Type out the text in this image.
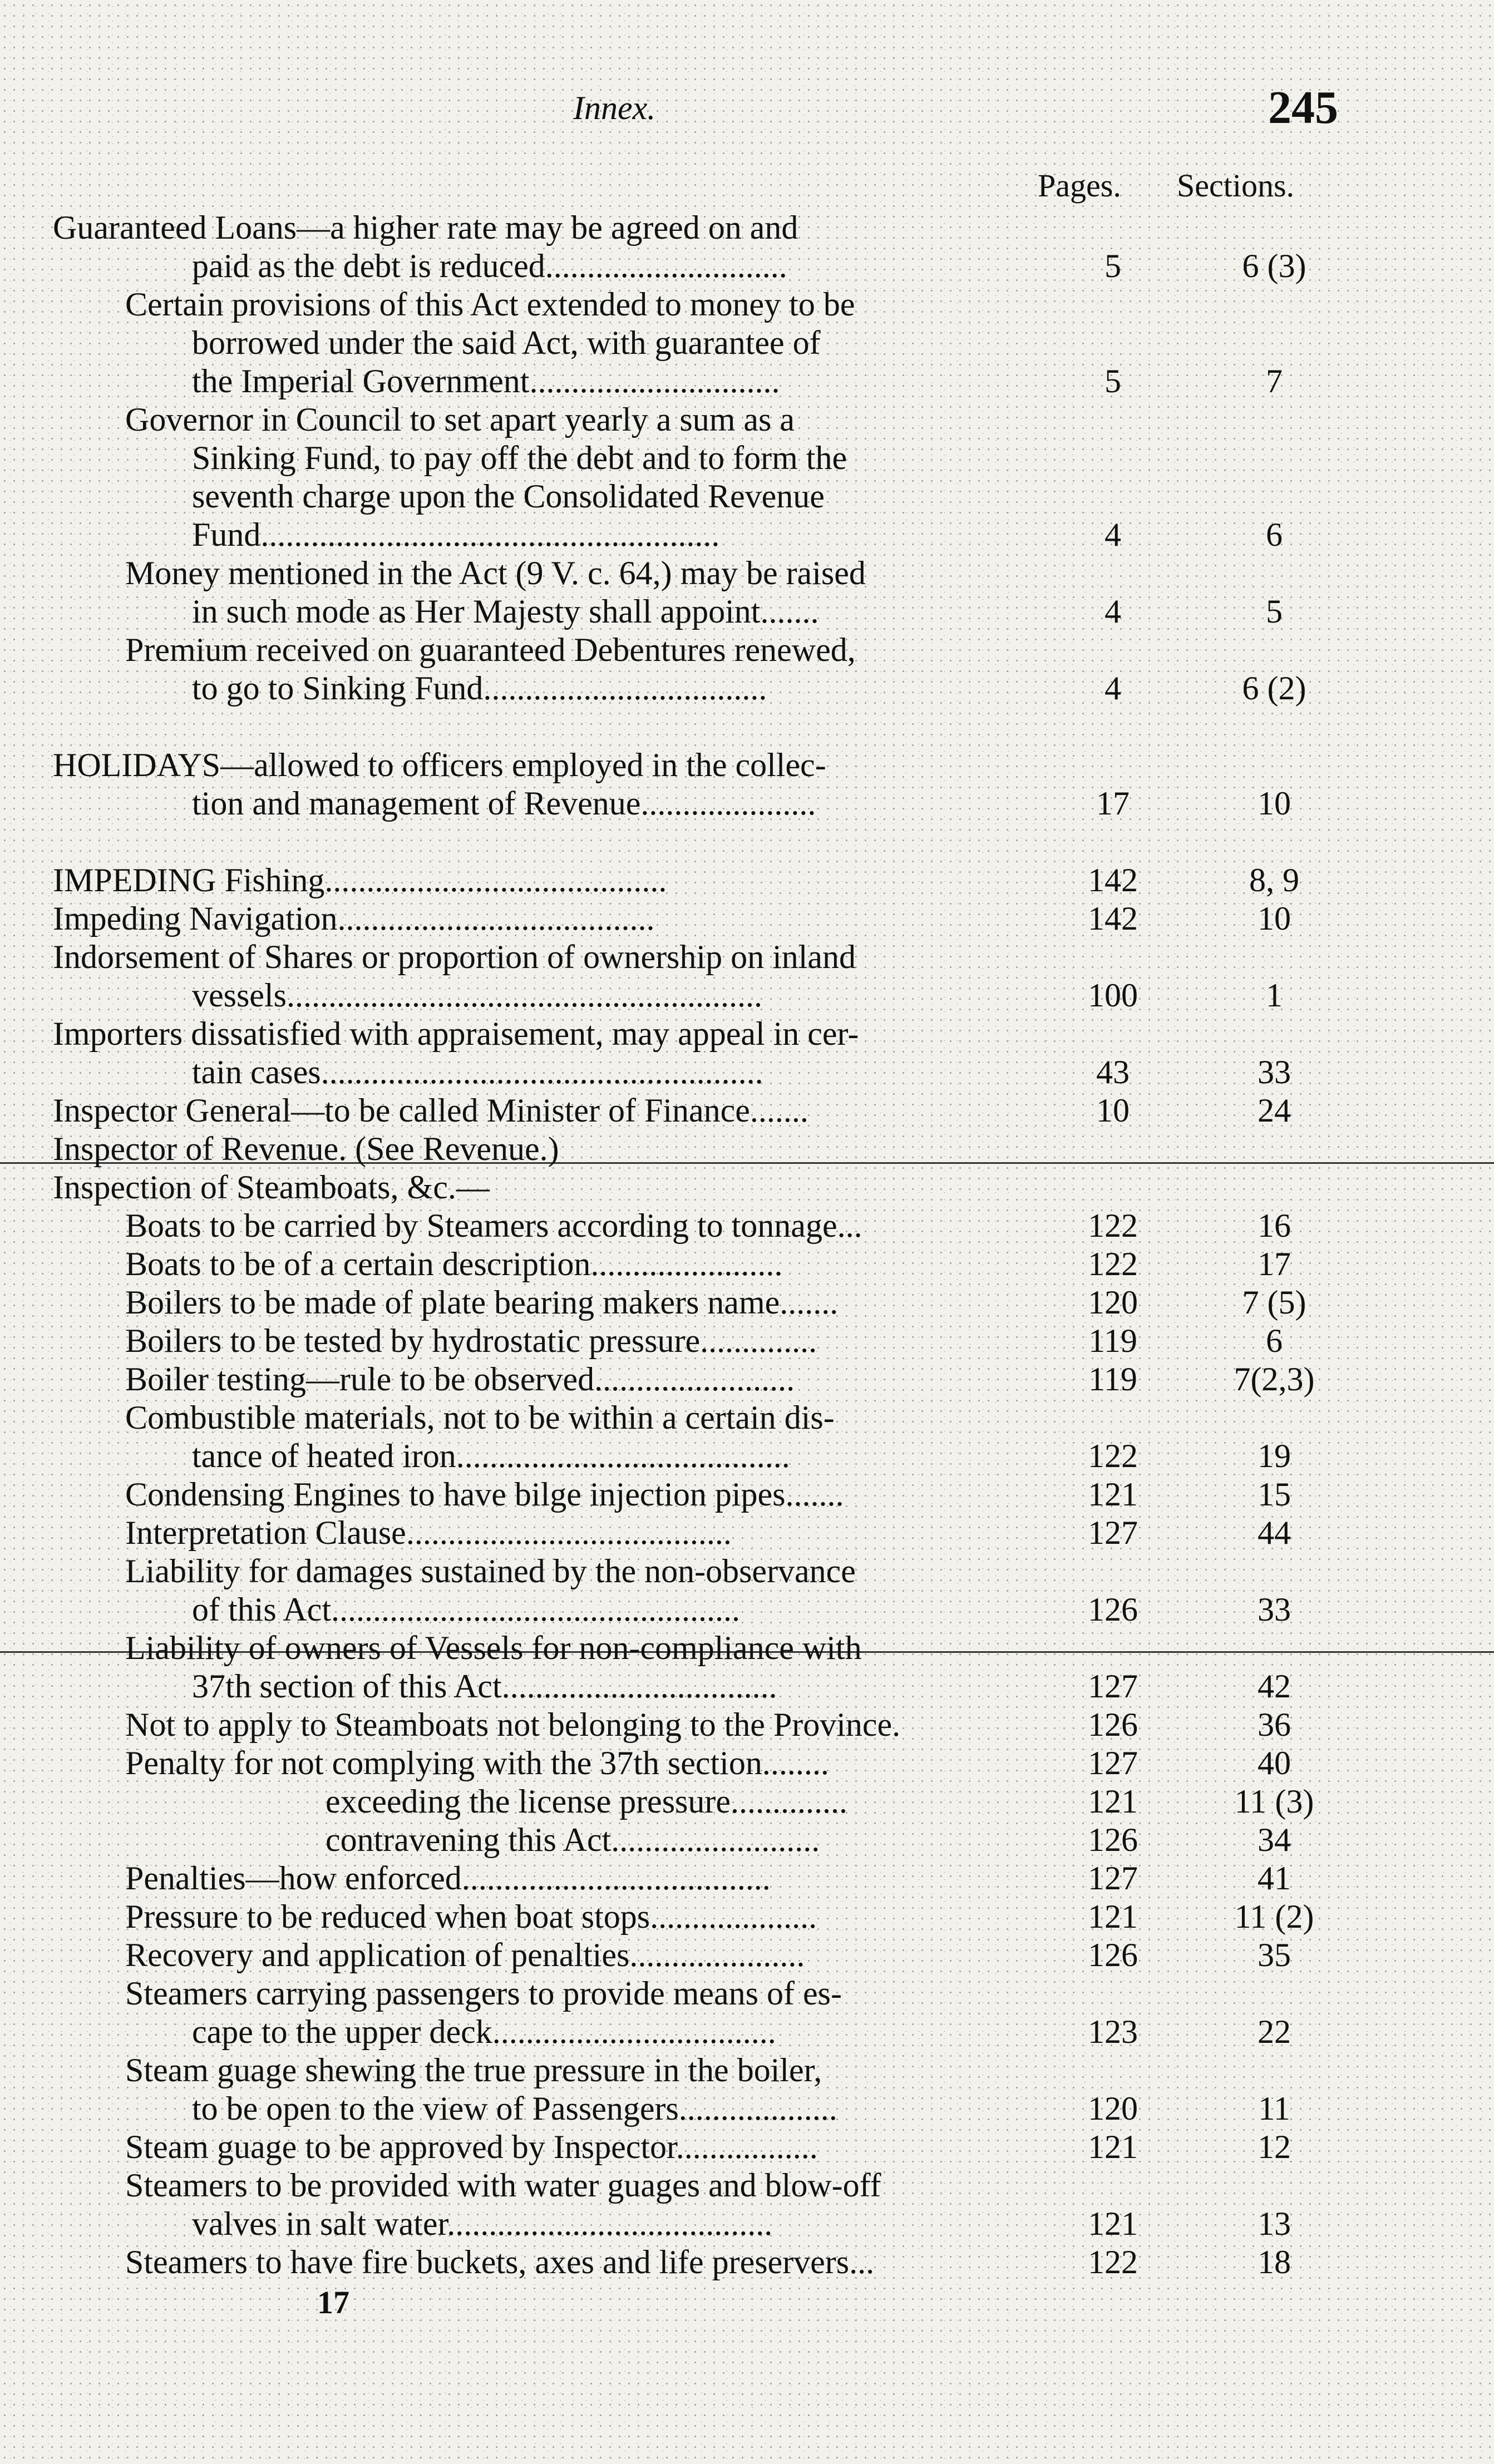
Innex.	245
Pages. Sections.
Guaranteed Loans—a higher rate may be agreed on and
paid as the debt is reduced.............................	5	6 (3)
Certain provisions of this Act extended to money to be
borrowed under the said Act, with guarantee of
the Imperial Government..............................	5	7
Governor in Council to set apart yearly a sum as a
Sinking Fund, to pay off the debt and to form the
seventh charge upon the Consolidated Revenue
Fund.......................................................	4	6
Money mentioned in the Act (9 V. c. 64,) may be raised
in such mode as Her Majesty shall appoint.......	4	5
Premium received on guaranteed Debentures renewed,
to go to Sinking Fund..................................	4	6 (2)
HOLIDAYS—allowed to officers employed in the collec-
tion and management of Revenue.....................	17	10
IMPEDING Fishing.........................................	142	8, 9
Impeding Navigation......................................	142	10
Indorsement of Shares or proportion of ownership on inland
vessels.........................................................	100	1
Importers dissatisfied with appraisement, may appeal in cer-
tain cases.....................................................	43	33
Inspector General—to be called Minister of Finance.......	10	24
Inspector of Revenue. (See Revenue.)
Inspection of Steamboats, &c.—
Boats to be carried by Steamers according to tonnage...	122	16
Boats to be of a certain description.......................	122	17
Boilers to be made of plate bearing makers name.......	120	7 (5)
Boilers to be tested by hydrostatic pressure..............	119	6
Boiler testing—rule to be observed........................	119	7(2,3)
Combustible materials, not to be within a certain dis-
tance of heated iron........................................	122	19
Condensing Engines to have bilge injection pipes.......	121	15
Interpretation Clause.......................................	127	44
Liability for damages sustained by the non-observance
of this Act.................................................	126	33
Liability of owners of Vessels for non-compliance with
37th section of this Act.................................	127	42
Not to apply to Steamboats not belonging to the Province.	126	36
Penalty for not complying with the 37th section........	127	40
exceeding the license pressure..............	121	11 (3)
contravening this Act.........................	126	34
Penalties—how enforced.....................................	127	41
Pressure to be reduced when boat stops....................	121	11 (2)
Recovery and application of penalties.....................	126	35
Steamers carrying passengers to provide means of es-
cape to the upper deck..................................	123	22
Steam guage shewing the true pressure in the boiler,
to be open to the view of Passengers...................	120	11
Steam guage to be approved by Inspector.................	121	12
Steamers to be provided with water guages and blow-off
valves in salt water.......................................	121	13
Steamers to have fire buckets, axes and life preservers...	122	18
17
